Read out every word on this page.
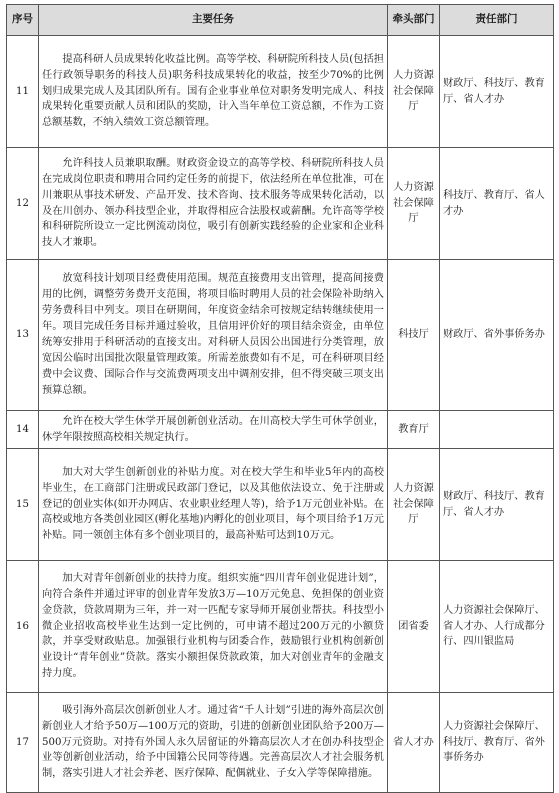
序号	主要任务	牵头部门	责任部门
11	提高科研人员成果转化收益比例。高等学校、科研院所科技人员(包括担任行政领导职务的科技人员)职务科技成果转化的收益，按至少70%的比例划归成果完成人及其团队所有。国有企业事业单位对职务发明完成人、科技成果转化重要贡献人员和团队的奖励，计入当年单位工资总额，不作为工资总额基数，不纳入绩效工资总额管理。	人力资源社会保障厅	财政厅、科技厅、教育厅、省人才办
12	允许科技人员兼职取酬。财政资金设立的高等学校、科研院所科技人员在完成岗位职责和聘用合同约定任务的前提下，依法经所在单位批准，可在川兼职从事技术研发、产品开发、技术咨询、技术服务等成果转化活动，以及在川创办、领办科技型企业，并取得相应合法股权或薪酬。允许高等学校和科研院所设立一定比例流动岗位，吸引有创新实践经验的企业家和企业科技人才兼职。	人力资源社会保障厅	科技厅、教育厅、省人才办
13	放宽科技计划项目经费使用范围。规范直接费用支出管理，提高间接费用的比例，调整劳务费开支范围，将项目临时聘用人员的社会保险补助纳入劳务费科目中列支。项目在研期间，年度资金结余可按规定结转继续使用一年。项目完成任务目标并通过验收，且信用评价好的项目结余资金，由单位统筹安排用于科研活动的直接支出。对科研人员因公出国进行分类管理，放宽因公临时出国批次限量管理政策。所需差旅费如有不足，可在科研项目经费中会议费、国际合作与交流费两项支出中调剂安排，但不得突破三项支出预算总额。	科技厅	财政厅、省外事侨务办
14	允许在校大学生休学开展创新创业活动。在川高校大学生可休学创业，休学年限按照高校相关规定执行。	教育厅	
15	加大对大学生创新创业的补贴力度。对在校大学生和毕业5年内的高校毕业生，在工商部门注册或民政部门登记，以及其他依法设立、免于注册或登记的创业实体(如开办网店、农业职业经理人等)，给予1万元创业补贴。在高校或地方各类创业园区(孵化基地)内孵化的创业项目，每个项目给予1万元补贴。同一领创主体有多个创业项目的，最高补贴可达到10万元。	人力资源社会保障厅	财政厅、科技厅、教育厅、省人才办
16	加大对青年创新创业的扶持力度。组织实施“四川青年创业促进计划”，向符合条件并通过评审的创业青年发放3万—10万元免息、免担保的创业资金贷款，贷款周期为三年，并一对一匹配专家导师开展创业帮扶。科技型小微企业招收高校毕业生达到一定比例的，可申请不超过200万元的小额贷款，并享受财政贴息。加强银行业机构与团委合作，鼓励银行业机构创新创业设计“青年创业”贷款。落实小额担保贷款政策，加大对创业青年的金融支持力度。	团省委	人力资源社会保障厅、省人才办、人行成都分行、四川银监局
17	吸引海外高层次创新创业人才。通过省“千人计划”引进的海外高层次创新创业人才给予50万—100万元的资助，引进的创新创业团队给予200万—500万元资助。对持有外国人永久居留证的外籍高层次人才在创办科技型企业等创新创业活动，给予中国籍公民同等待遇。完善高层次人才社会服务机制，落实引进人才社会养老、医疗保障、配偶就业、子女入学等保障措施。	省人才办	人力资源社会保障厅、科技厅、教育厅、省外事侨务办
